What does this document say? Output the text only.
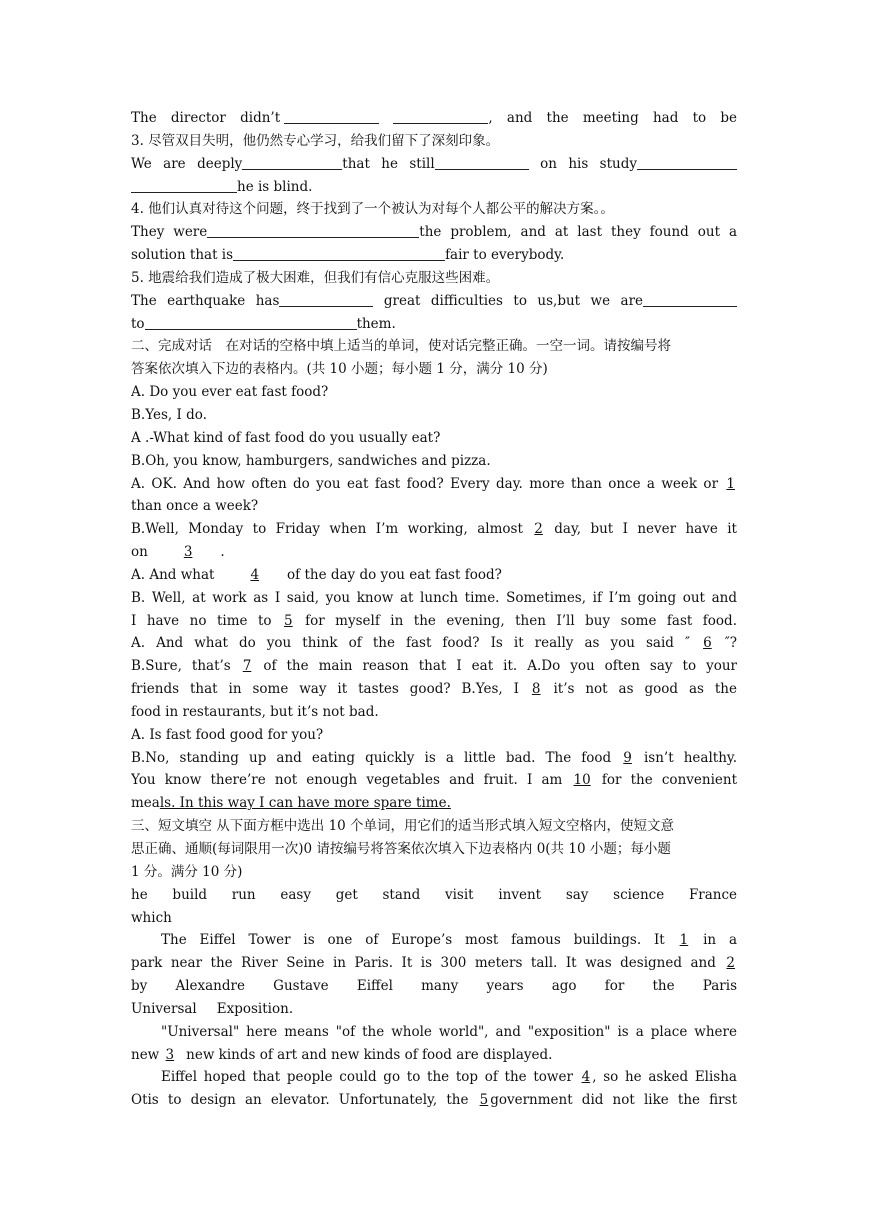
The director didn’t	, and the meeting had to be
3. 尽管双目失明，他仍然专心学习，给我们留下了深刻印象。
We are deeply	that he still	on his study
he is blind.
4. 他们认真对待这个问题，终于找到了一个被认为对每个人都公平的解决方案。。
They were	the problem, and at last they found out a
solution that is	fair to everybody.
5. 地震给我们造成了极大困难，但我们有信心克服这些困难。
The earthquake has	great difficulties to us,but we are
to	them.
二、完成对话　在对话的空格中填上适当的单词，使对话完整正确。一空一词。请按编号将
答案依次填入下边的表格内。(共 10 小题；每小题 1 分，满分 10 分)
A. Do you ever eat fast food?
B.Yes, I do.
A .-What kind of fast food do you usually eat?
B.Oh, you know, hamburgers, sandwiches and pizza.
A. OK. And how often do you eat fast food? Every day. more than once a week or 1
than once a week?
B.Well, Monday to Friday when I’m working, almost 2 day, but I never have it
on	3 .
A. And what	4 of the day do you eat fast food?
B. Well, at work as I said, you know at lunch time. Sometimes, if I’m going out and
I have no time to 5 for myself in the evening, then I’ll buy some fast food.
A. And what do you think of the fast food? Is it really as you said ″ 6 ″?
B.Sure, that’s 7 of the main reason that I eat it. A.Do you often say to your
friends that in some way it tastes good? B.Yes, I 8 it’s not as good as the
food in restaurants, but it’s not bad.
A. Is fast food good for you?
B.No, standing up and eating quickly is a little bad. The food 9 isn’t healthy.
You know there’re not enough vegetables and fruit. I am 10 for the convenient
meals. In this way I can have more spare time.
三、短文填空 从下面方框中选出 10 个单词，用它们的适当形式填入短文空格内，使短文意
思正确、通顺(每词限用一次)0 请按编号将答案依次填入下边表格内 0(共 10 小题；每小题
1 分。满分 10 分)
he build run easy get stand visit invent say science France
which
The Eiffel Tower is one of Europe’s most famous buildings. It 1 in a
park near the River Seine in Paris. It is 300 meters tall. It was designed and 2
by Alexandre Gustave Eiffel many years ago for the Paris
Universal Exposition.
"Universal" here means "of the whole world", and "exposition" is a place where
new 3 new kinds of art and new kinds of food are displayed.
Eiffel hoped that people could go to the top of the tower 4 , so he asked Elisha
Otis to design an elevator. Unfortunately, the 5 government did not like the first
